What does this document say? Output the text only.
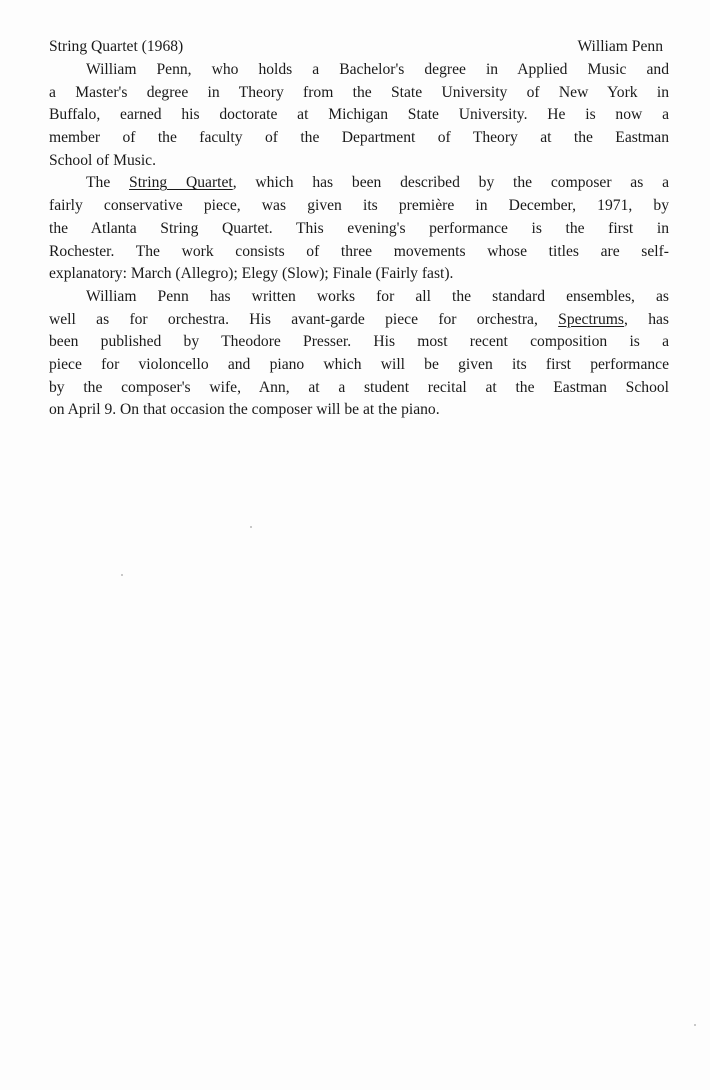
String Quartet (1968)	William Penn
William Penn, who holds a Bachelor's degree in Applied Music and
a Master's degree in Theory from the State University of New York in
Buffalo, earned his doctorate at Michigan State University. He is now a
member of the faculty of the Department of Theory at the Eastman
School of Music.
The String Quartet, which has been described by the composer as a
fairly conservative piece, was given its première in December, 1971, by
the Atlanta String Quartet. This evening's performance is the first in
Rochester. The work consists of three movements whose titles are self-
explanatory: March (Allegro); Elegy (Slow); Finale (Fairly fast).
William Penn has written works for all the standard ensembles, as
well as for orchestra. His avant-garde piece for orchestra, Spectrums, has
been published by Theodore Presser. His most recent composition is a
piece for violoncello and piano which will be given its first performance
by the composer's wife, Ann, at a student recital at the Eastman School
on April 9. On that occasion the composer will be at the piano.
